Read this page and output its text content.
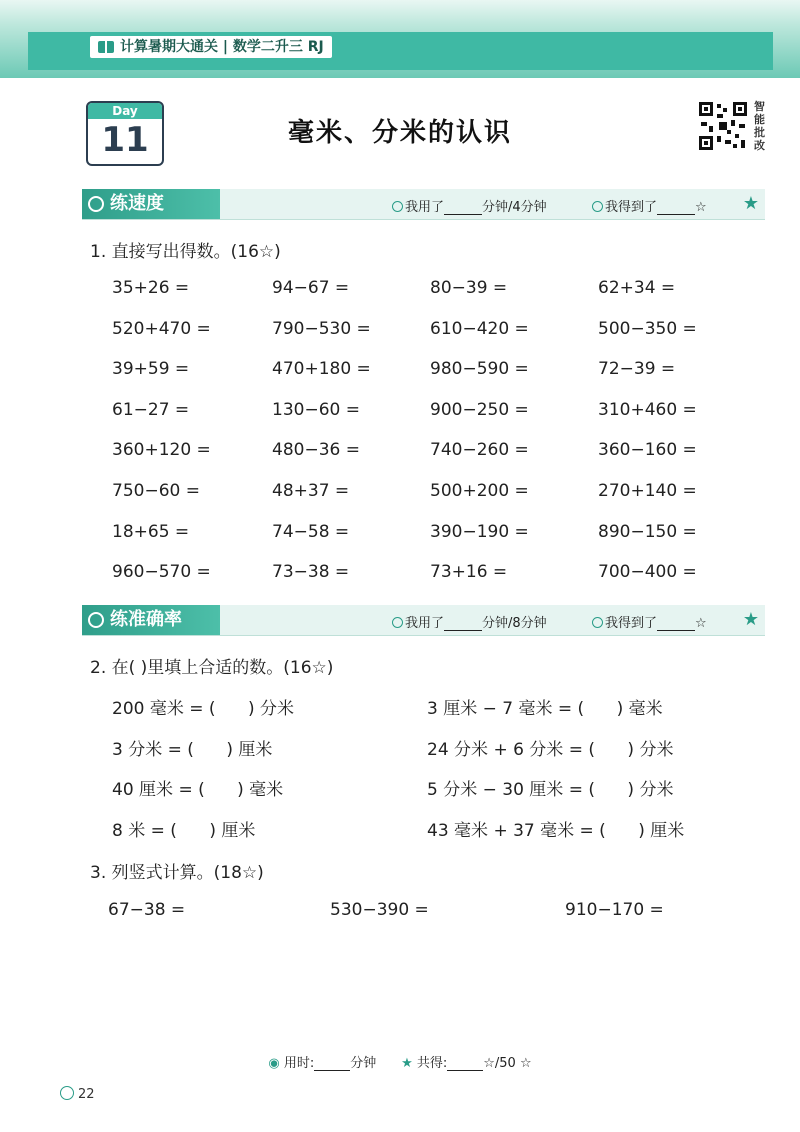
计算暑期大通关 | 数学二升三 RJ
Day
11	毫米、分米的认识
智能批改
练速度	我用了	分钟/4分钟	我得到了	☆ ★
1. 直接写出得数。(16☆)
35+26 =	94−67 =	80−39 =	62+34 =
520+470 =	790−530 =	610−420 =	500−350 =
39+59 =	470+180 =	980−590 =	72−39 =
61−27 =	130−60 =	900−250 =	310+460 =
360+120 =	480−36 =	740−260 =	360−160 =
750−60 =	48+37 =	500+200 =	270+140 =
18+65 =	74−58 =	390−190 =	890−150 =
960−570 =	73−38 =	73+16 =	700−400 =
练准确率	我用了	分钟/8分钟	我得到了	☆ ★
2. 在( )里填上合适的数。(16☆)
200 毫米 = (      ) 分米	3 厘米 − 7 毫米 = (      ) 毫米
3 分米 = (      ) 厘米	24 分米 + 6 分米 = (      ) 分米
40 厘米 = (      ) 毫米	5 分米 − 30 厘米 = (      ) 分米
8 米 = (      ) 厘米	43 毫米 + 37 毫米 = (      ) 厘米
3. 列竖式计算。(18☆)
67−38 =	530−390 =	910−170 =
◉ 用时:	分钟 ★ 共得:	☆/50 ☆
22
